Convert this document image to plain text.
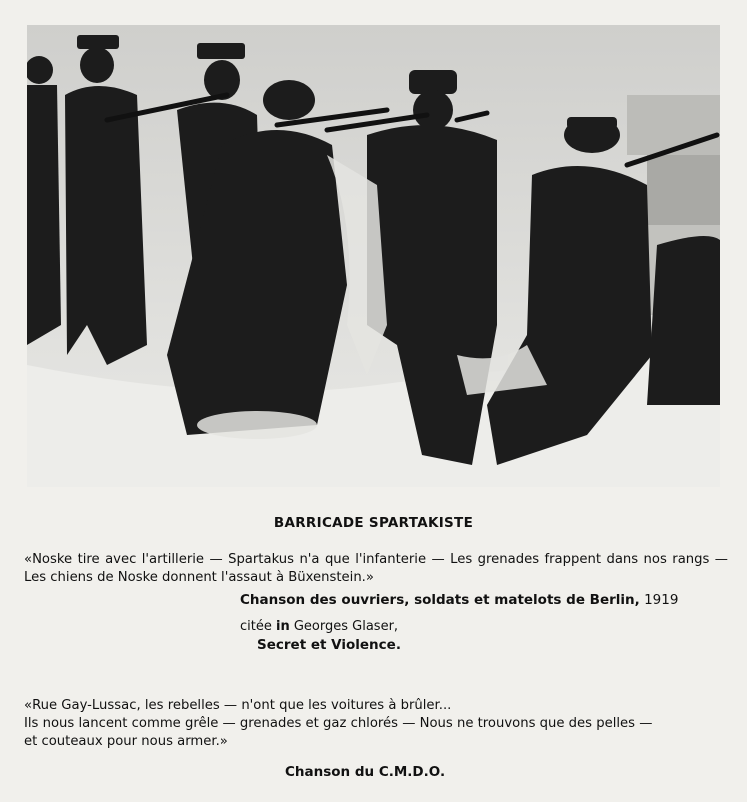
BARRICADE SPARTAKISTE

«Noske tire avec l'artillerie — Spartakus n'a que l'infanterie — Les grenades frappent dans nos rangs — Les chiens de Noske donnent l'assaut à Büxenstein.»

Chanson des ouvriers, soldats et matelots de Berlin, 1919
citée in Georges Glaser,
Secret et Violence.
«Rue Gay-Lussac, les rebelles — n'ont que les voitures à brûler...
Ils nous lancent comme grêle — grenades et gaz chlorés — Nous ne trouvons que des pelles —
et couteaux pour nous armer.»
Chanson du C.M.D.O.
